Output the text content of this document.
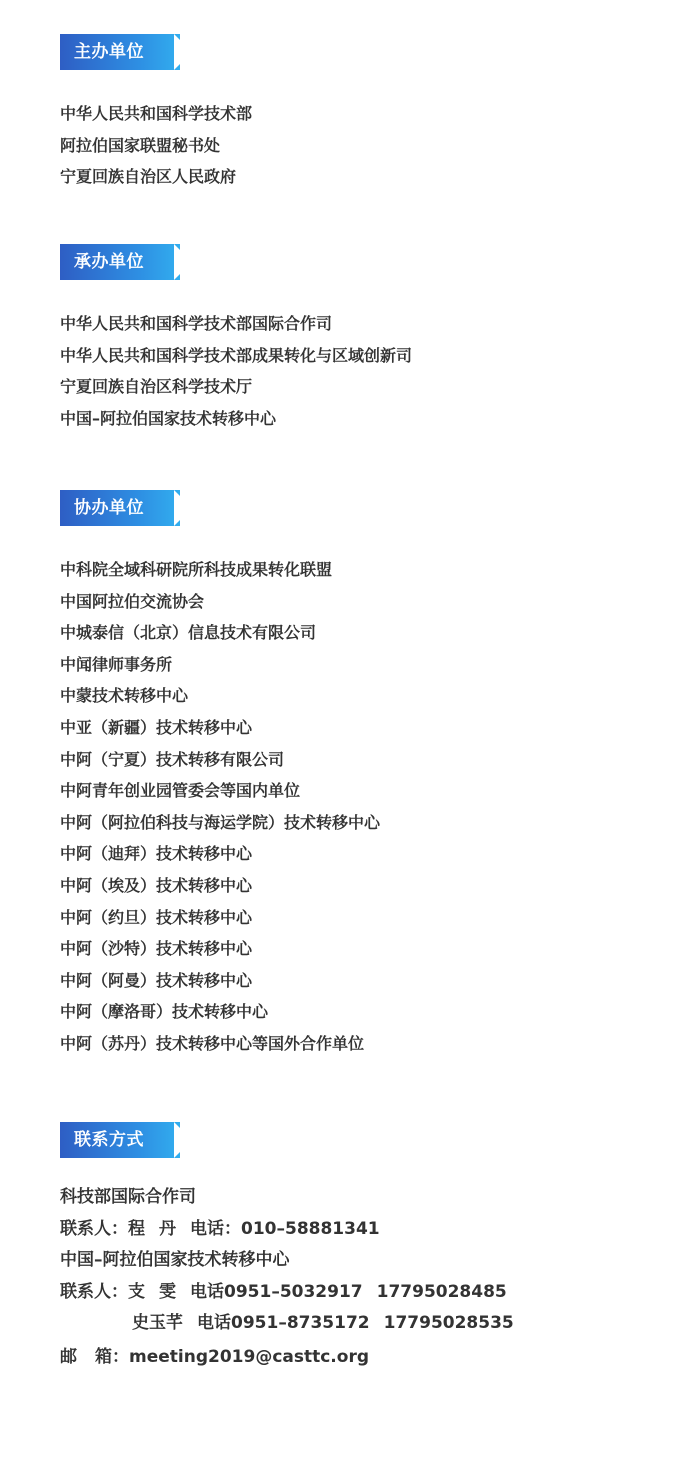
主办单位
中华人民共和国科学技术部
阿拉伯国家联盟秘书处
宁夏回族自治区人民政府
承办单位
中华人民共和国科学技术部国际合作司
中华人民共和国科学技术部成果转化与区域创新司
宁夏回族自治区科学技术厅
中国–阿拉伯国家技术转移中心
协办单位
中科院全域科研院所科技成果转化联盟
中国阿拉伯交流协会
中城泰信（北京）信息技术有限公司
中闻律师事务所
中蒙技术转移中心
中亚（新疆）技术转移中心
中阿（宁夏）技术转移有限公司
中阿青年创业园管委会等国内单位
中阿（阿拉伯科技与海运学院）技术转移中心
中阿（迪拜）技术转移中心
中阿（埃及）技术转移中心
中阿（约旦）技术转移中心
中阿（沙特）技术转移中心
中阿（阿曼）技术转移中心
中阿（摩洛哥）技术转移中心
中阿（苏丹）技术转移中心等国外合作单位
联系方式
科技部国际合作司
联系人：程 丹 电话：010–58881341
中国–阿拉伯国家技术转移中心
联系人：支 雯 电话0951–5032917 17795028485
史玉芊 电话0951–8735172 17795028535
邮 箱：meeting2019@casttc.org
